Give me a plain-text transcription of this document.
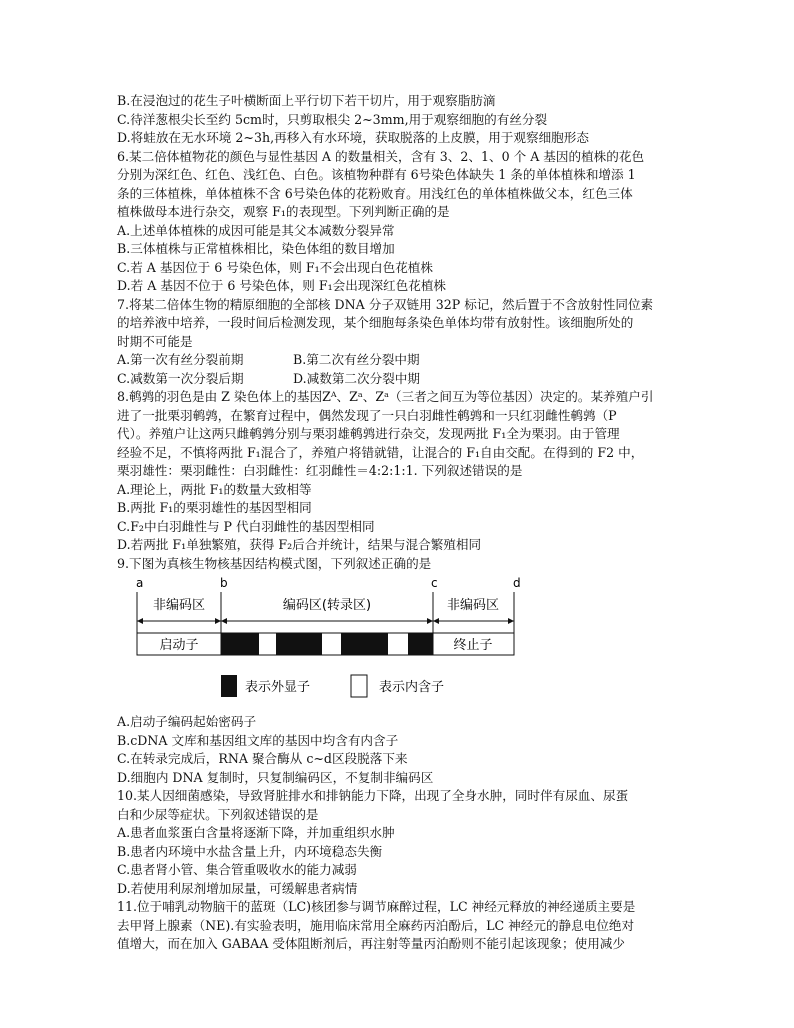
B.在浸泡过的花生子叶横断面上平行切下若干切片，用于观察脂肪滴

C.待洋葱根尖长至约 5cm时，只剪取根尖 2~3mm,用于观察细胞的有丝分裂

D.将蛙放在无水环境 2~3h,再移入有水环境，获取脱落的上皮膜，用于观察细胞形态

6.某二倍体植物花的颜色与显性基因 A 的数量相关，含有 3、2、1、0 个 A 基因的植株的花色

分别为深红色、红色、浅红色、白色。该植物种群有 6号染色体缺失 1 条的单体植株和增添 1

条的三体植株，单体植株不含 6号染色体的花粉败育。用浅红色的单体植株做父本，红色三体

植株做母本进行杂交，观察 F₁的表现型。下列判断正确的是

A.上述单体植株的成因可能是其父本减数分裂异常

B.三体植株与正常植株相比，染色体组的数目增加

C.若 A 基因位于 6 号染色体，则 F₁不会出现白色花植株

D.若 A 基因不位于 6 号染色体，则 F₁会出现深红色花植株

7.将某二倍体生物的精原细胞的全部核 DNA 分子双链用 32P 标记，然后置于不含放射性同位素

的培养液中培养，一段时间后检测发现，某个细胞每条染色单体均带有放射性。该细胞所处的

时期不可能是

A.第一次有丝分裂前期	B.第二次有丝分裂中期
C.减数第一次分裂后期	D.减数第二次分裂中期

8.鹌鹑的羽色是由 Z 染色体上的基因Zᴬ、Zᵃ、Zᵃ（三者之间互为等位基因）决定的。某养殖户引

进了一批栗羽鹌鹑，在繁育过程中，偶然发现了一只白羽雌性鹌鹑和一只红羽雌性鹌鹑（P

代）。养殖户让这两只雌鹌鹑分别与栗羽雄鹌鹑进行杂交，发现两批 F₁全为栗羽。由于管理

经验不足，不慎将两批 F₁混合了，养殖户将错就错，让混合的 F₁自由交配。在得到的 F2 中，

栗羽雄性：栗羽雌性：白羽雌性：红羽雌性＝4:2:1:1. 下列叙述错误的是

A.理论上，两批 F₁的数量大致相等

B.两批 F₁的栗羽雄性的基因型相同

C.F₂中白羽雌性与 P 代白羽雌性的基因型相同

D.若两批 F₁单独繁殖，获得 F₂后合并统计，结果与混合繁殖相同

9.下图为真核生物核基因结构模式图，下列叙述正确的是

a	b	c	d
非编码区	编码区(转录区)	非编码区
启动子	终止子
表示外显子	表示内含子

A.启动子编码起始密码子

B.cDNA 文库和基因组文库的基因中均含有内含子

C.在转录完成后，RNA 聚合酶从 c~d区段脱落下来

D.细胞内 DNA 复制时，只复制编码区，不复制非编码区

10.某人因细菌感染，导致肾脏排水和排钠能力下降，出现了全身水肿，同时伴有尿血、尿蛋

白和少尿等症状。下列叙述错误的是

A.患者血浆蛋白含量将逐渐下降，并加重组织水肿

B.患者内环境中水盐含量上升，内环境稳态失衡

C.患者肾小管、集合管重吸收水的能力减弱

D.若使用利尿剂增加尿量，可缓解患者病情

11.位于哺乳动物脑干的蓝斑（LC)核团参与调节麻醉过程，LC 神经元释放的神经递质主要是

去甲肾上腺素（NE).有实验表明，施用临床常用全麻药丙泊酚后，LC 神经元的静息电位绝对

值增大，而在加入 GABAA 受体阻断剂后，再注射等量丙泊酚则不能引起该现象；使用减少
